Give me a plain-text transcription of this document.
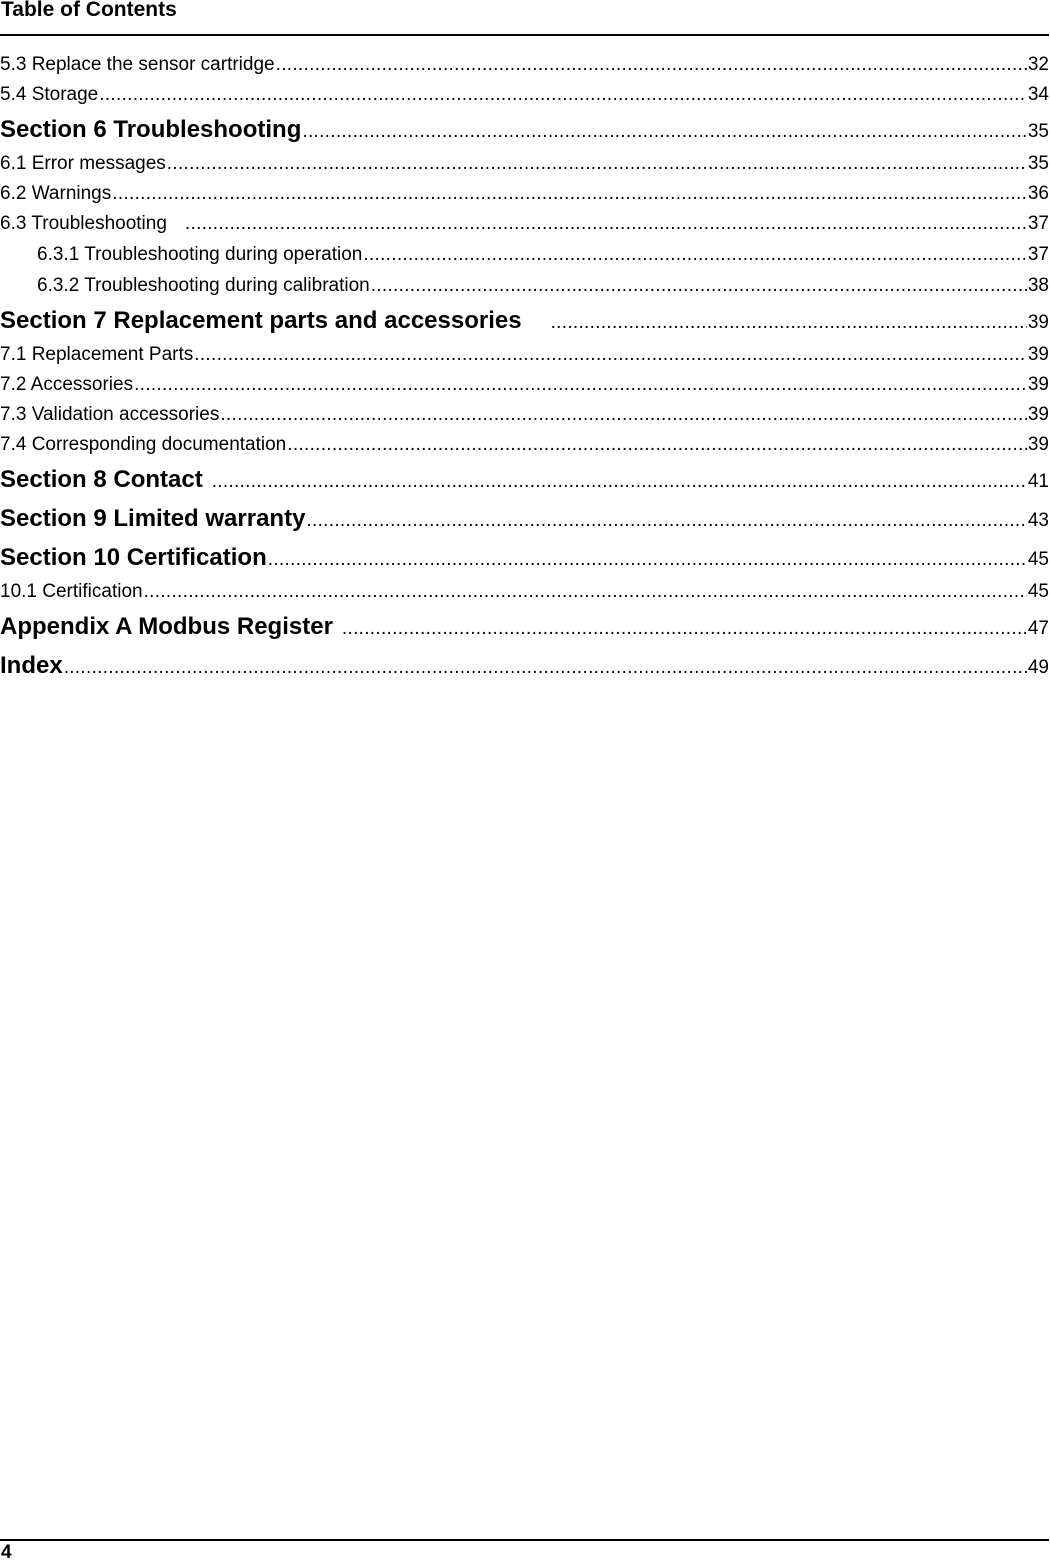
Table of Contents
5.3 Replace the sensor cartridge .....	32
5.4 Storage .....	34
Section 6 Troubleshooting .....	35
6.1 Error messages .....	35
6.2 Warnings .....	36
6.3 Troubleshooting .....	37
6.3.1 Troubleshooting during operation .....	37
6.3.2 Troubleshooting during calibration .....	38
Section 7 Replacement parts and accessories .....	39
7.1 Replacement Parts .....	39
7.2 Accessories .....	39
7.3 Validation accessories .....	39
7.4 Corresponding documentation .....	39
Section 8 Contact .....	41
Section 9 Limited warranty .....	43
Section 10 Certification .....	45
10.1 Certification .....	45
Appendix A Modbus Register .....	47
Index .....	49
4
